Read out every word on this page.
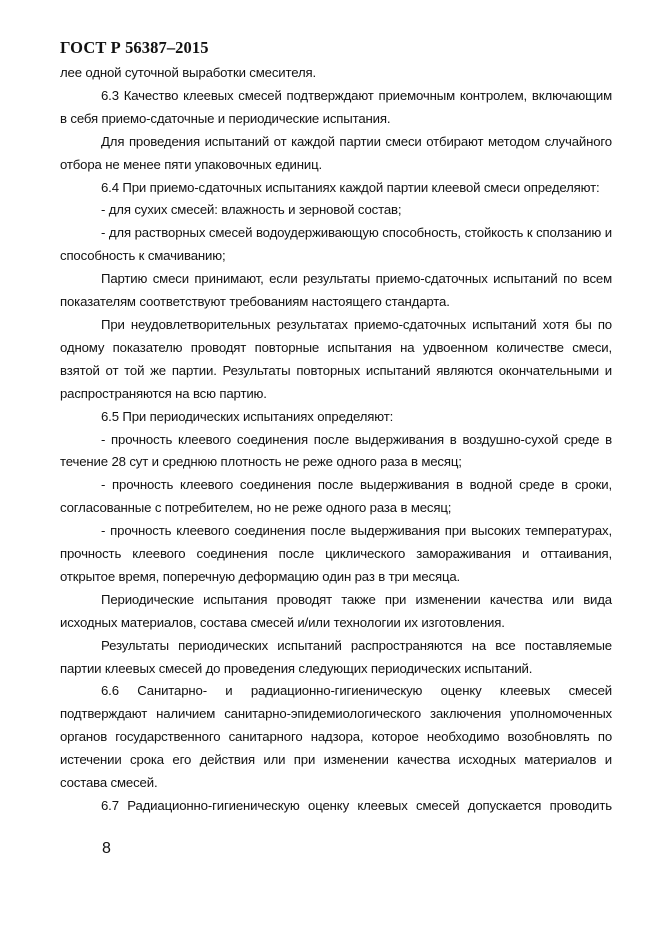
ГОСТ Р 56387–2015
лее одной суточной выработки смесителя.
6.3 Качество клеевых смесей подтверждают приемочным контролем, включающим в себя приемо-сдаточные и периодические испытания.
Для проведения испытаний от каждой партии смеси отбирают методом случайного отбора не менее пяти упаковочных единиц.
6.4 При приемо-сдаточных испытаниях каждой партии клеевой смеси определяют:
- для сухих смесей: влажность и зерновой состав;
- для растворных смесей водоудерживающую способность, стойкость к сползанию и способность к смачиванию;
Партию смеси принимают, если результаты приемо-сдаточных испытаний по всем показателям соответствуют требованиям настоящего стандарта.
При неудовлетворительных результатах приемо-сдаточных испытаний хотя бы по одному показателю проводят повторные испытания на удвоенном количестве смеси, взятой от той же партии. Результаты повторных испытаний являются окончательными и распространяются на всю партию.
6.5 При периодических испытаниях определяют:
- прочность клеевого соединения после выдерживания в воздушно-сухой среде в течение 28 сут и среднюю плотность не реже одного раза в месяц;
- прочность клеевого соединения после выдерживания в водной среде в сроки, согласованные с потребителем, но не реже одного раза в месяц;
- прочность клеевого соединения после выдерживания при высоких температурах, прочность клеевого соединения после циклического замораживания и оттаивания, открытое время, поперечную деформацию один раз в три месяца.
Периодические испытания проводят также при изменении качества или вида исходных материалов, состава смесей и/или технологии их изготовления.
Результаты периодических испытаний распространяются на все поставляемые партии клеевых смесей до проведения следующих периодических испытаний.
6.6 Санитарно- и радиационно-гигиеническую оценку клеевых смесей подтверждают наличием санитарно-эпидемиологического заключения уполномоченных органов государственного санитарного надзора, которое необходимо возобновлять по истечении срока его действия или при изменении качества исходных материалов и состава смесей.
6.7 Радиационно-гигиеническую оценку клеевых смесей допускается проводить
8
